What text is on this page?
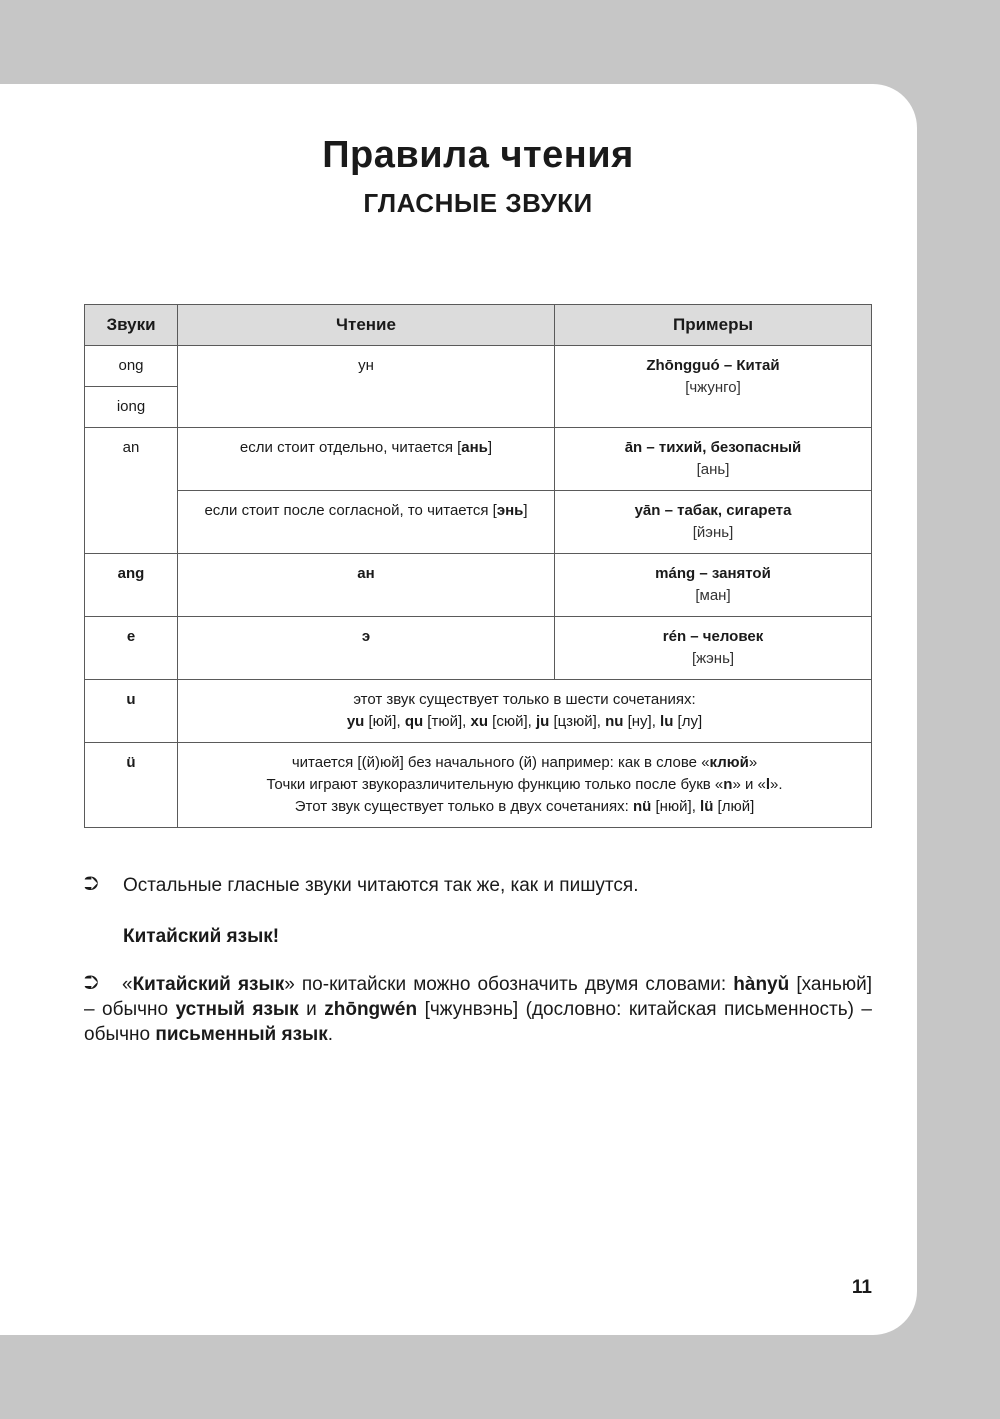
Правила чтения
ГЛАСНЫЕ ЗВУКИ
Звуки	Чтение	Примеры
ong	ун	Zhōngguó – Китай
[чжунго]

iong		
an	если стоит отдельно, читается [ань]	ān – тихий, безопасный
[ань]

	если стоит после согласной, то читается [энь]	yān – табак, сигарета
[йэнь]

ang	ан	máng – занятой
[ман]

e	э	rén – человек
[жэнь]

u	этот звук существует только в шести сочетаниях:
yu [юй], qu [тюй], xu [сюй], ju [цзюй], nu [ну], lu [лу]	

ü	читается [(й)юй] без начального (й) например: как в слове «клюй»
Точки играют звукоразличительную функцию только после букв «n» и «l».
Этот звук существует только в двух сочетаниях: nü [нюй], lü [люй]	
⮊ Остальные гласные звуки читаются так же, как и пишутся.
Китайский язык!
⮊	«Китайский язык» по-китайски можно обозначить двумя словами: hànyǔ [ханьюй] – обычно устный язык и zhōngwén [чжунвэнь] (дословно: китайская письменность) – обычно письменный язык.
11
